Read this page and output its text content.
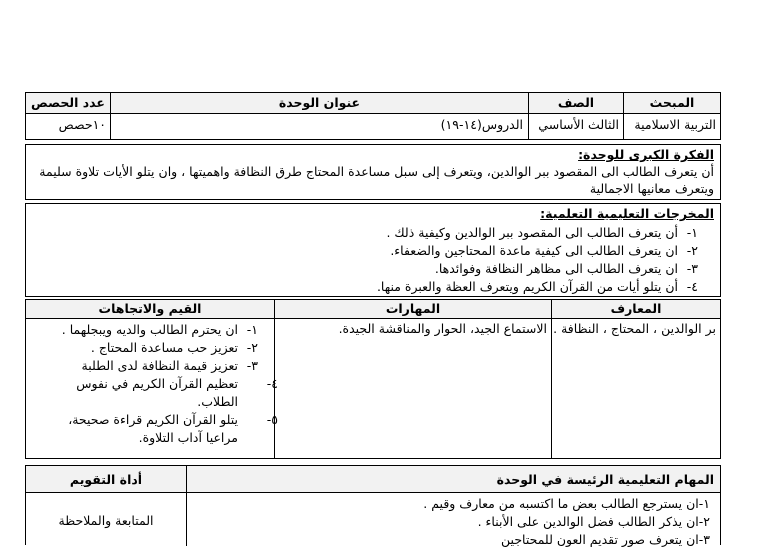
المبحث
الصف
عنوان الوحدة
عدد الحصص
التربية الاسلامية
الثالث الأساسي
الدروس(١٤-١٩)
١٠حصص
الفكرة الكبرى للوحدة:
أن يتعرف الطالب الى المقصود ببر الوالدين، ويتعرف إلى سبل مساعدة المحتاج طرق النظافة واهميتها ، وان يتلو الأيات تلاوة سليمة
ويتعرف معانيها الاجمالية
المخرجات التعليمية التعلمية:
١-أن يتعرف الطالب الى المقصود ببر الوالدين وكيفية ذلك .
٢-ان يتعرف الطالب الى كيفية ماعدة المحتاجين والضعفاء.
٣-ان يتعرف الطالب الى مظاهر النظافة وفوائدها.
٤-أن يتلو أيات من القرآن الكريم ويتعرف العظة والعبرة منها.
المعارف
المهارات
القيم والاتجاهات
بر الوالدين ، المحتاج ، النظافة .
الاستماع الجيد، الحوار والمناقشة الجيدة.
١-ان يحترم الطالب والديه ويبجلهما .
٢-تعزيز حب مساعدة المحتاج .
٣-تعزيز قيمة النظافة لدى الطلبة
٤-تعظيم القرآن الكريم في نفوس الطلاب.
٥-يتلو القرآن الكريم قراءة صحيحة، مراعيا آداب التلاوة.
المهام التعليمية الرئيسة في الوحدة
أداة التقويم
١-ان يسترجع الطالب بعض ما اكتسبه من معارف وقيم .
٢-ان يذكر الطالب فضل الوالدين على الأبناء .
٣-ان يتعرف صور تقديم العون للمحتاجين
المتابعة والملاحظة
